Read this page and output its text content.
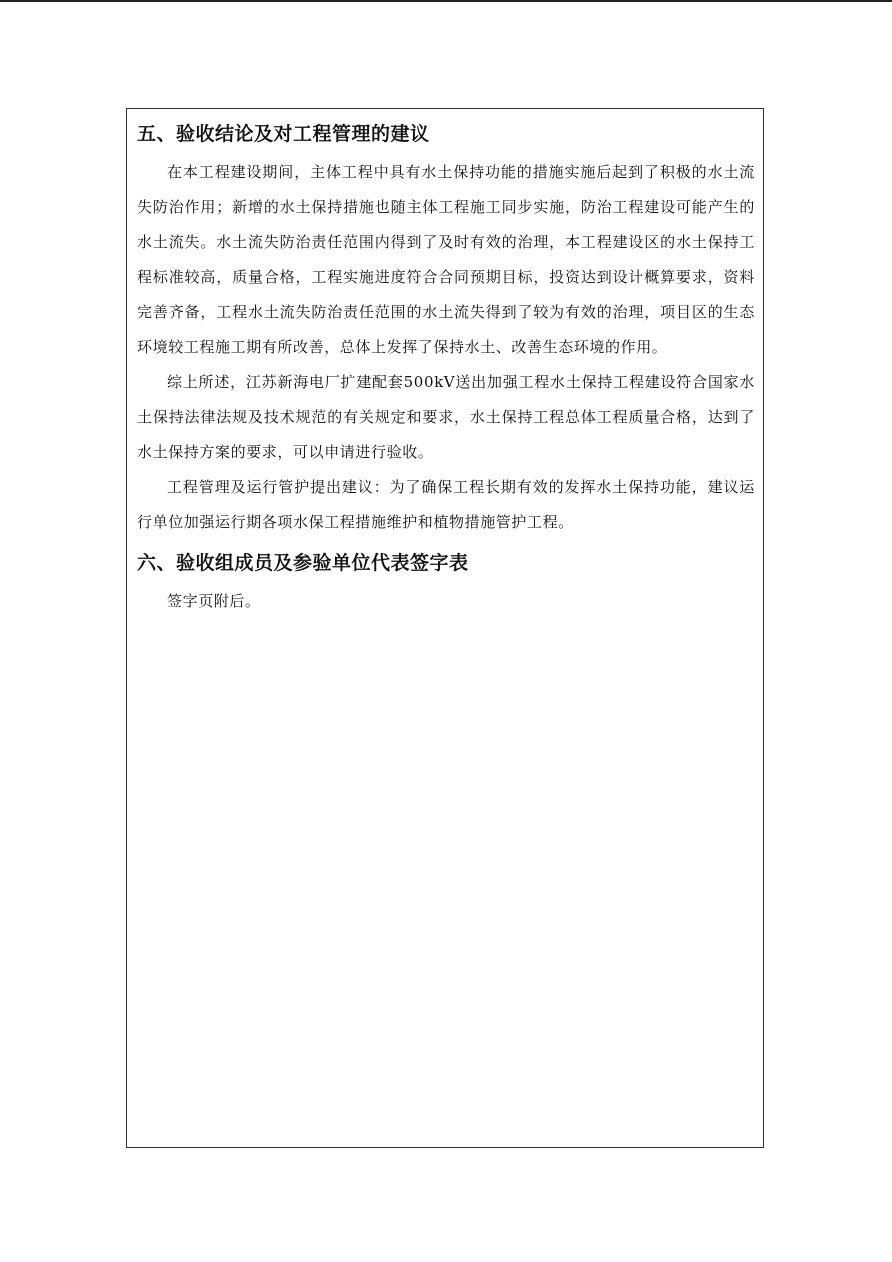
五、验收结论及对工程管理的建议

在本工程建设期间，主体工程中具有水土保持功能的措施实施后起到了积极的水土流失防治作用；新增的水土保持措施也随主体工程施工同步实施，防治工程建设可能产生的水土流失。水土流失防治责任范围内得到了及时有效的治理，本工程建设区的水土保持工程标准较高，质量合格，工程实施进度符合合同预期目标，投资达到设计概算要求，资料完善齐备，工程水土流失防治责任范围的水土流失得到了较为有效的治理，项目区的生态环境较工程施工期有所改善，总体上发挥了保持水土、改善生态环境的作用。

综上所述，江苏新海电厂扩建配套500kV送出加强工程水土保持工程建设符合国家水土保持法律法规及技术规范的有关规定和要求，水土保持工程总体工程质量合格，达到了水土保持方案的要求，可以申请进行验收。

工程管理及运行管护提出建议：为了确保工程长期有效的发挥水土保持功能，建议运行单位加强运行期各项水保工程措施维护和植物措施管护工程。

六、验收组成员及参验单位代表签字表

签字页附后。
